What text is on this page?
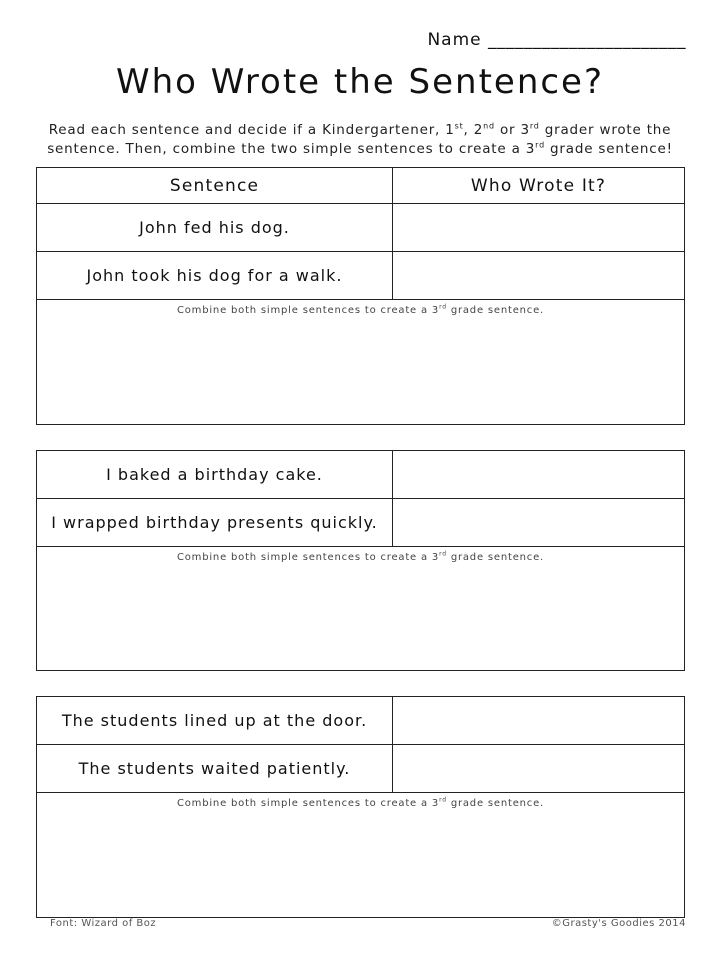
Name ______________________
Who Wrote the Sentence?
Read each sentence and decide if a Kindergartener, 1st, 2nd or 3rd grader wrote the sentence. Then, combine the two simple sentences to create a 3rd grade sentence!
Sentence	Who Wrote It?
John fed his dog.
John took his dog for a walk.
Combine both simple sentences to create a 3rd grade sentence.
I baked a birthday cake.
I wrapped birthday presents quickly.
Combine both simple sentences to create a 3rd grade sentence.
The students lined up at the door.
The students waited patiently.
Combine both simple sentences to create a 3rd grade sentence.
Font: Wizard of Boz	©Grasty's Goodies 2014
